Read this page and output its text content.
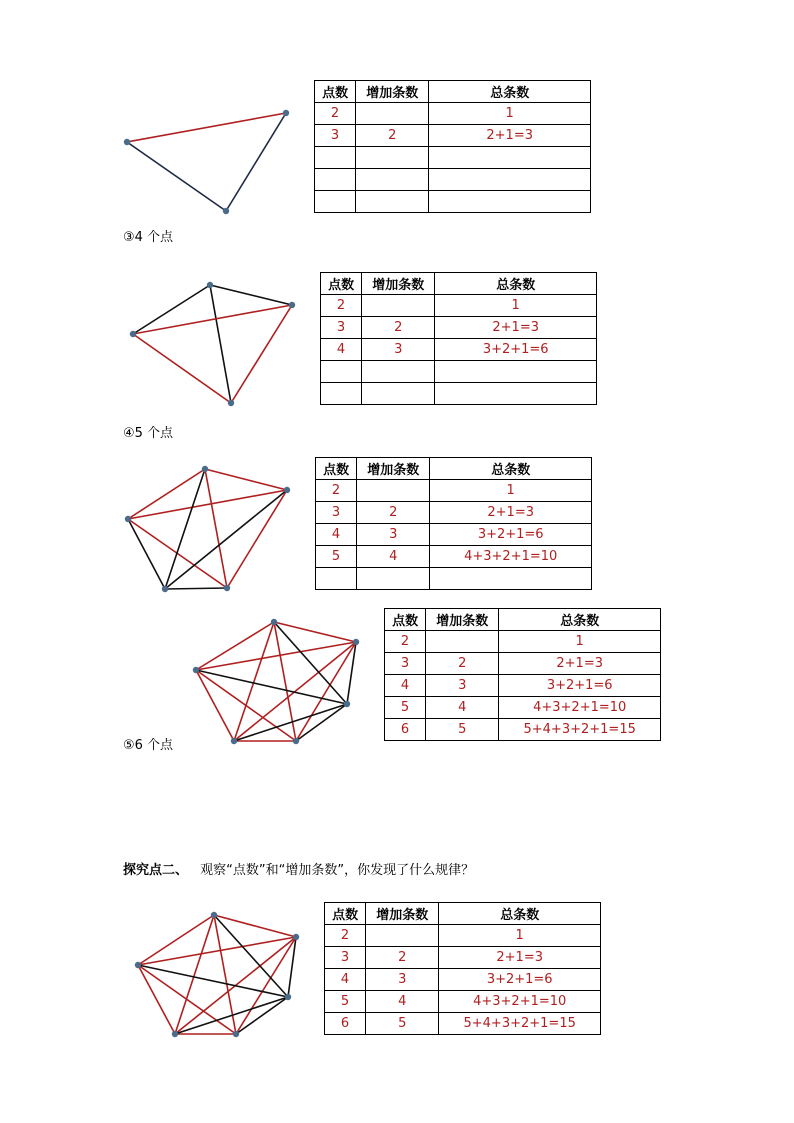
点数	增加条数	总条数
2		1
3	2	2+1=3

③4 个点
点数	增加条数	总条数
2		1
3	2	2+1=3
4	3	3+2+1=6

④5 个点
点数	增加条数	总条数
2		1
3	2	2+1=3
4	3	3+2+1=6
5	4	4+3+2+1=10

点数	增加条数	总条数
2		1
3	2	2+1=3
4	3	3+2+1=6
5	4	4+3+2+1=10
6	5	5+4+3+2+1=15
⑤6 个点
探究点二、 观察“点数”和“增加条数”，你发现了什么规律？
点数	增加条数	总条数
2		1
3	2	2+1=3
4	3	3+2+1=6
5	4	4+3+2+1=10
6	5	5+4+3+2+1=15
